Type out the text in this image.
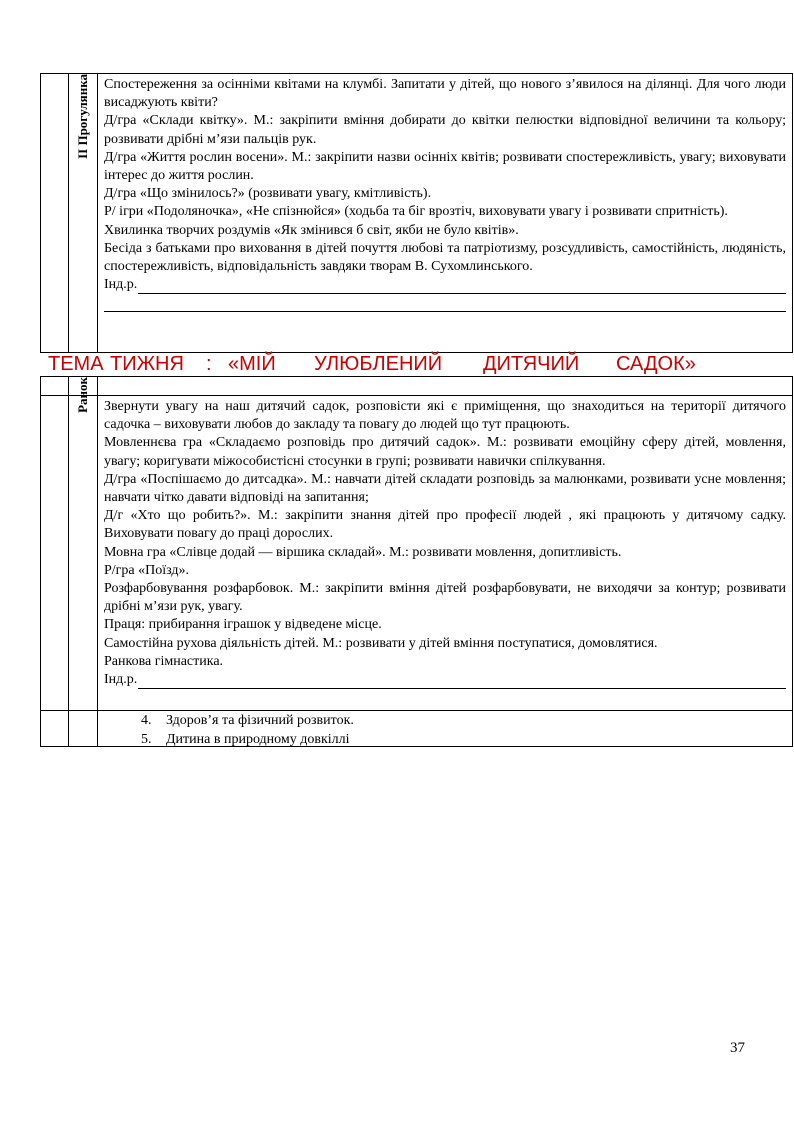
ІІ Прогулянка Спостереження за осінніми квітами на клумбі. Запитати у дітей, що нового з’явилося на ділянці. Для чого люди висаджують квіти?

Д/гра «Склади квітку». М.: закріпити вміння добирати до квітки пелюстки відповідної величини та кольору; розвивати дрібні м’язи пальців рук.

Д/гра «Життя рослин восени». М.: закріпити назви осінніх квітів; розвивати спостережливість, увагу; виховувати інтерес до життя рослин.

Д/гра «Що змінилось?» (розвивати увагу, кмітливість).

Р/ ігри «Подоляночка», «Не спізнюйся» (ходьба та біг врозтіч, виховувати увагу і розвивати спритність).

Хвилинка творчих роздумів «Як змінився б світ, якби не було квітів».

Бесіда з батьками про виховання в дітей почуття любові та патріотизму, розсудливість, самостійність, людяність, спостережливість, відповідальність завдяки творам В. Сухомлинського.

Інд.р.
ТЕМА ТИЖНЯ : «МІЙ УЛЮБЛЕНИЙ ДИТЯЧИЙ САДОК»
Ранок Звернути увагу на наш дитячий садок, розповісти які є приміщення, що знаходиться на території дитячого садочка – виховувати любов до закладу та повагу до людей що тут працюють.

Мовленнєва гра «Складаємо розповідь про дитячий садок». М.: розвивати емоційну сферу дітей, мовлення, увагу; коригувати міжособистісні стосунки в групі; розвивати навички спілкування.

Д/гра «Поспішаємо до дитсадка». М.: навчати дітей складати розповідь за малюнками, розвивати усне мовлення; навчати чітко давати відповіді на запитання;

Д/г «Хто що робить?». М.: закріпити знання дітей про професії людей , які працюють у дитячому садку. Виховувати повагу до праці дорослих.

Мовна гра «Слівце додай — віршика складай». М.: розвивати мовлення, допитливість.

Р/гра «Поїзд».

Розфарбовування розфарбовок. М.: закріпити вміння дітей розфарбовувати, не виходячи за контур; розвивати дрібні м’язи рук, увагу.

Праця: прибирання іграшок у відведене місце.

Самостійна рухова діяльність дітей. М.: розвивати у дітей вміння поступатися, домовлятися.

Ранкова гімнастика.

Інд.р.
4.	Здоров’я та фізичний розвиток.
5.	Дитина в природному довкіллі
37
